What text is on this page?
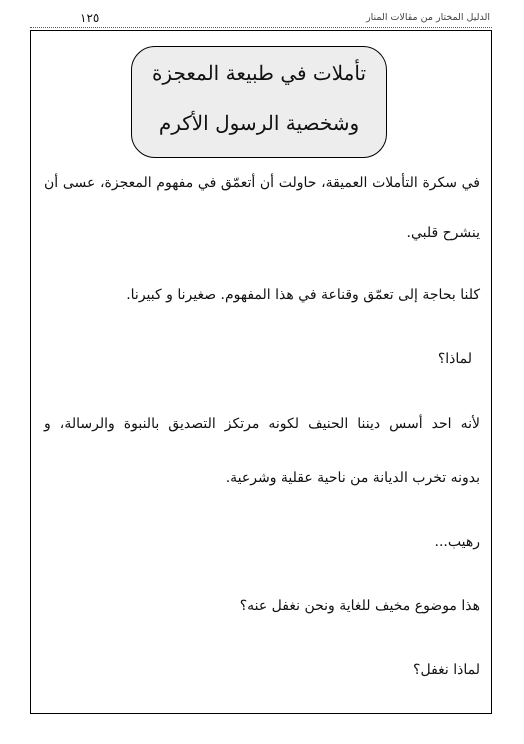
١٢٥	الدليل المختار من مقالات المنار
تأملات في طبيعة المعجزة
وشخصية الرسول الأكرم
في سكرة التأملات العميقة، حاولت أن أتعمّق في مفهوم المعجزة، عسى أن
ينشرح قلبي.
كلنا بحاجة إلى تعمّق وقناعة في هذا المفهوم. صغيرنا و كبيرنا.
لماذا؟
لأنه احد أسس ديننا الحنيف لكونه مرتكز التصديق بالنبوة والرسالة، و
بدونه تخرب الديانة من ناحية عقلية وشرعية.
رهيب...
هذا موضوع مخيف للغاية ونحن نغفل عنه؟
لماذا نغفل؟
